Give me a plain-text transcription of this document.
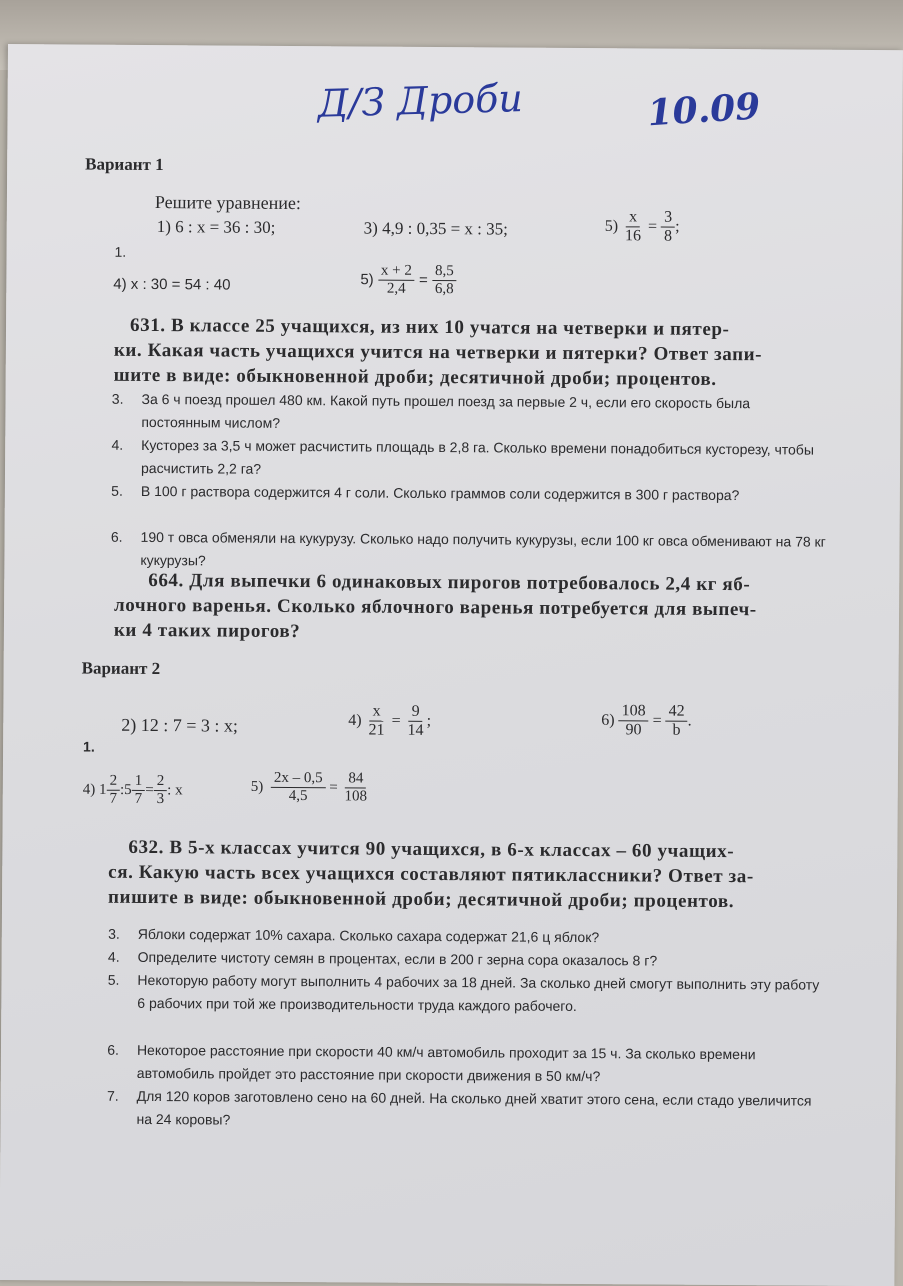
Д/З Дроби	10.09
Вариант 1
Решите уравнение:
1) 6 : x = 36 : 30;	3) 4,9 : 0,35 = x : 35;	$5) \frac{x}{16} = \frac{3}{8}$ ;
1.
4) x : 30 = 54 : 40	$5) \frac{x + 2}{2,4} = \frac{8,5}{6,8}$
631. В классе 25 учащихся, из них 10 учатся на четверки и пятер-
ки. Какая часть учащихся учится на четверки и пятерки? Ответ запи-
шите в виде: обыкновенной дроби; десятичной дроби; процентов.
3. За 6 ч поезд прошел 480 км. Какой путь прошел поезд за первые 2 ч, если его скорость была постоянным числом?
4. Кусторез за 3,5 ч может расчистить площадь в 2,8 га. Сколько времени понадобиться кусторезу, чтобы расчистить 2,2 га?
5. В 100 г раствора содержится 4 г соли. Сколько граммов соли содержится в 300 г раствора?
6. 190 т овса обменяли на кукурузу. Сколько надо получить кукурузы, если 100 кг овса обменивают на 78 кг кукурузы?
664. Для выпечки 6 одинаковых пирогов потребовалось 2,4 кг яб-
лочного варенья. Сколько яблочного варенья потребуется для выпеч-
ки 4 таких пирогов?
Вариант 2
2) 12 : 7 = 3 : x;	$4) \frac{x}{21} = \frac{9}{14}$ ;	$6) \frac{108}{90} = \frac{42}{b}$ .
1.
4) $1 \frac{2}{7}$ :5 $\frac{1}{7} = \frac{2}{3}$ : x	$5) \frac{2x - 0,5}{4,5} = \frac{84}{108}$
632. В 5-х классах учится 90 учащихся, в 6-х классах – 60 учащих-
ся. Какую часть всех учащихся составляют пятиклассники? Ответ за-
пишите в виде: обыкновенной дроби; десятичной дроби; процентов.
3. Яблоки содержат 10% сахара. Сколько сахара содержат 21,6 ц яблок?
4. Определите чистоту семян в процентах, если в 200 г зерна сора оказалось 8 г?
5. Некоторую работу могут выполнить 4 рабочих за 18 дней. За сколько дней смогут выполнить эту работу 6 рабочих при той же производительности труда каждого рабочего.
6. Некоторое расстояние при скорости 40 км/ч автомобиль проходит за 15 ч. За сколько времени автомобиль пройдет это расстояние при скорости движения в 50 км/ч?
7. Для 120 коров заготовлено сено на 60 дней. На сколько дней хватит этого сена, если стадо увеличится на 24 коровы?
